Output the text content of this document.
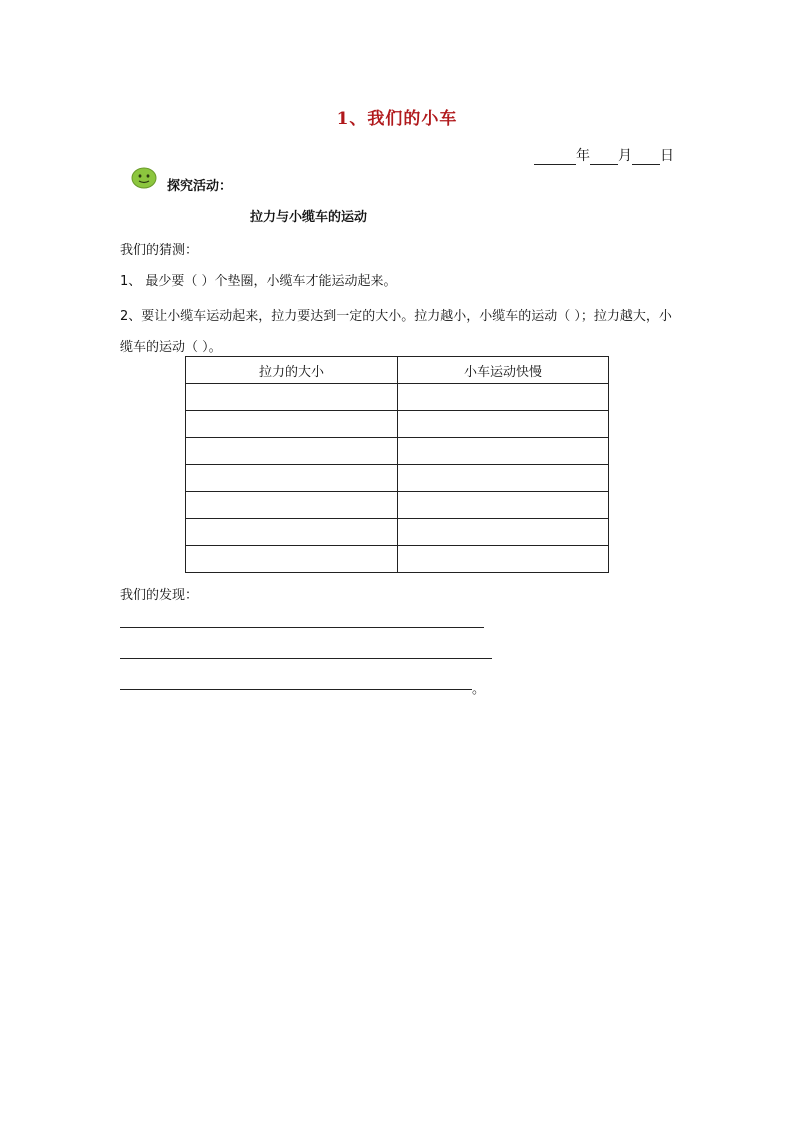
1、我们的小车
年 月 日
探究活动：
拉力与小缆车的运动
我们的猜测：
1、 最少要（ ）个垫圈，小缆车才能运动起来。
2、要让小缆车运动起来，拉力要达到一定的大小。拉力越小，小缆车的运动（ ）；拉力越大，小缆车的运动（ ）。
拉力的大小	小车运动快慢

我们的发现：
。
